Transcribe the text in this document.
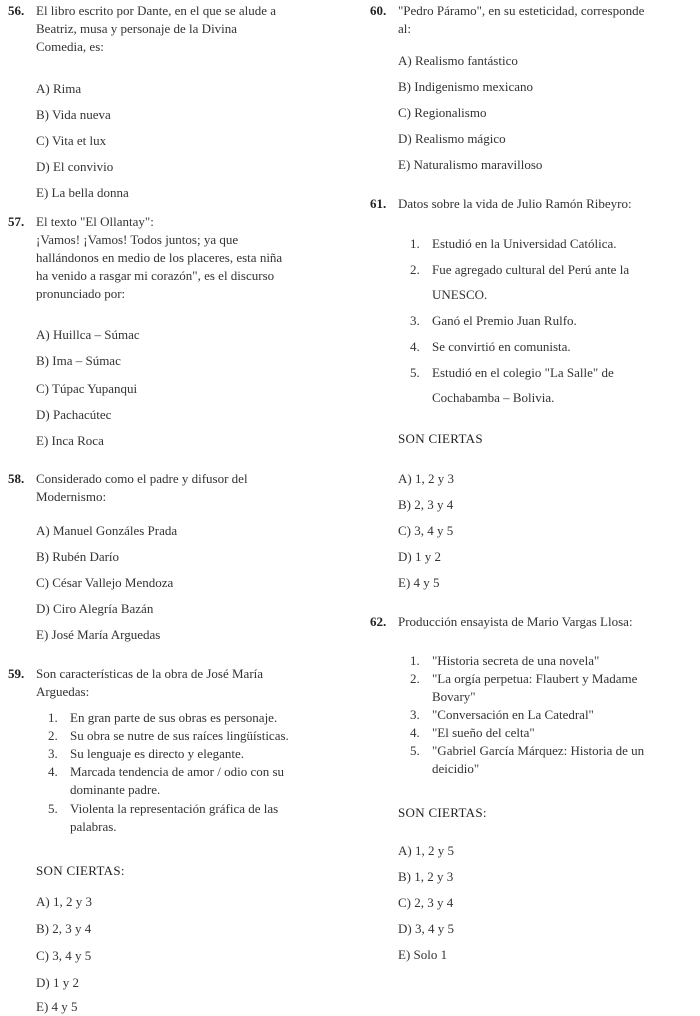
56. El libro escrito por Dante, en el que se alude a
Beatriz, musa y personaje de la Divina
Comedia, es:
A) Rima
B) Vida nueva
C) Vita et lux
D) El convivio
E) La bella donna
57. El texto "El Ollantay":
¡Vamos! ¡Vamos! Todos juntos; ya que
hallándonos en medio de los placeres, esta niña
ha venido a rasgar mi corazón", es el discurso
pronunciado por:
A) Huillca – Súmac
B) Ima – Súmac
C) Túpac Yupanqui
D) Pachacútec
E) Inca Roca
58. Considerado como el padre y difusor del
Modernismo:
A) Manuel Gonzáles Prada
B) Rubén Darío
C) César Vallejo Mendoza
D) Ciro Alegría Bazán
E) José María Arguedas
59. Son características de la obra de José María
Arguedas:
1. En gran parte de sus obras es personaje.
2. Su obra se nutre de sus raíces lingüísticas.
3. Su lenguaje es directo y elegante.
4. Marcada tendencia de amor / odio con su
dominante padre.
5. Violenta la representación gráfica de las
palabras.
SON CIERTAS:
A) 1, 2 y 3
B) 2, 3 y 4
C) 3, 4 y 5
D) 1 y 2
E) 4 y 5
60. "Pedro Páramo", en su esteticidad, corresponde
al:
A) Realismo fantástico
B) Indigenismo mexicano
C) Regionalismo
D) Realismo mágico
E) Naturalismo maravilloso
61. Datos sobre la vida de Julio Ramón Ribeyro:
1. Estudió en la Universidad Católica.
2. Fue agregado cultural del Perú ante la
UNESCO.
3. Ganó el Premio Juan Rulfo.
4. Se convirtió en comunista.
5. Estudió en el colegio "La Salle" de
Cochabamba – Bolivia.
SON CIERTAS
A) 1, 2 y 3
B) 2, 3 y 4
C) 3, 4 y 5
D) 1 y 2
E) 4 y 5
62. Producción ensayista de Mario Vargas Llosa:
1. "Historia secreta de una novela"
2. "La orgía perpetua: Flaubert y Madame
Bovary"
3. "Conversación en La Catedral"
4. "El sueño del celta"
5. "Gabriel García Márquez: Historia de un
deicidio"
SON CIERTAS:
A) 1, 2 y 5
B) 1, 2 y 3
C) 2, 3 y 4
D) 3, 4 y 5
E) Solo 1
